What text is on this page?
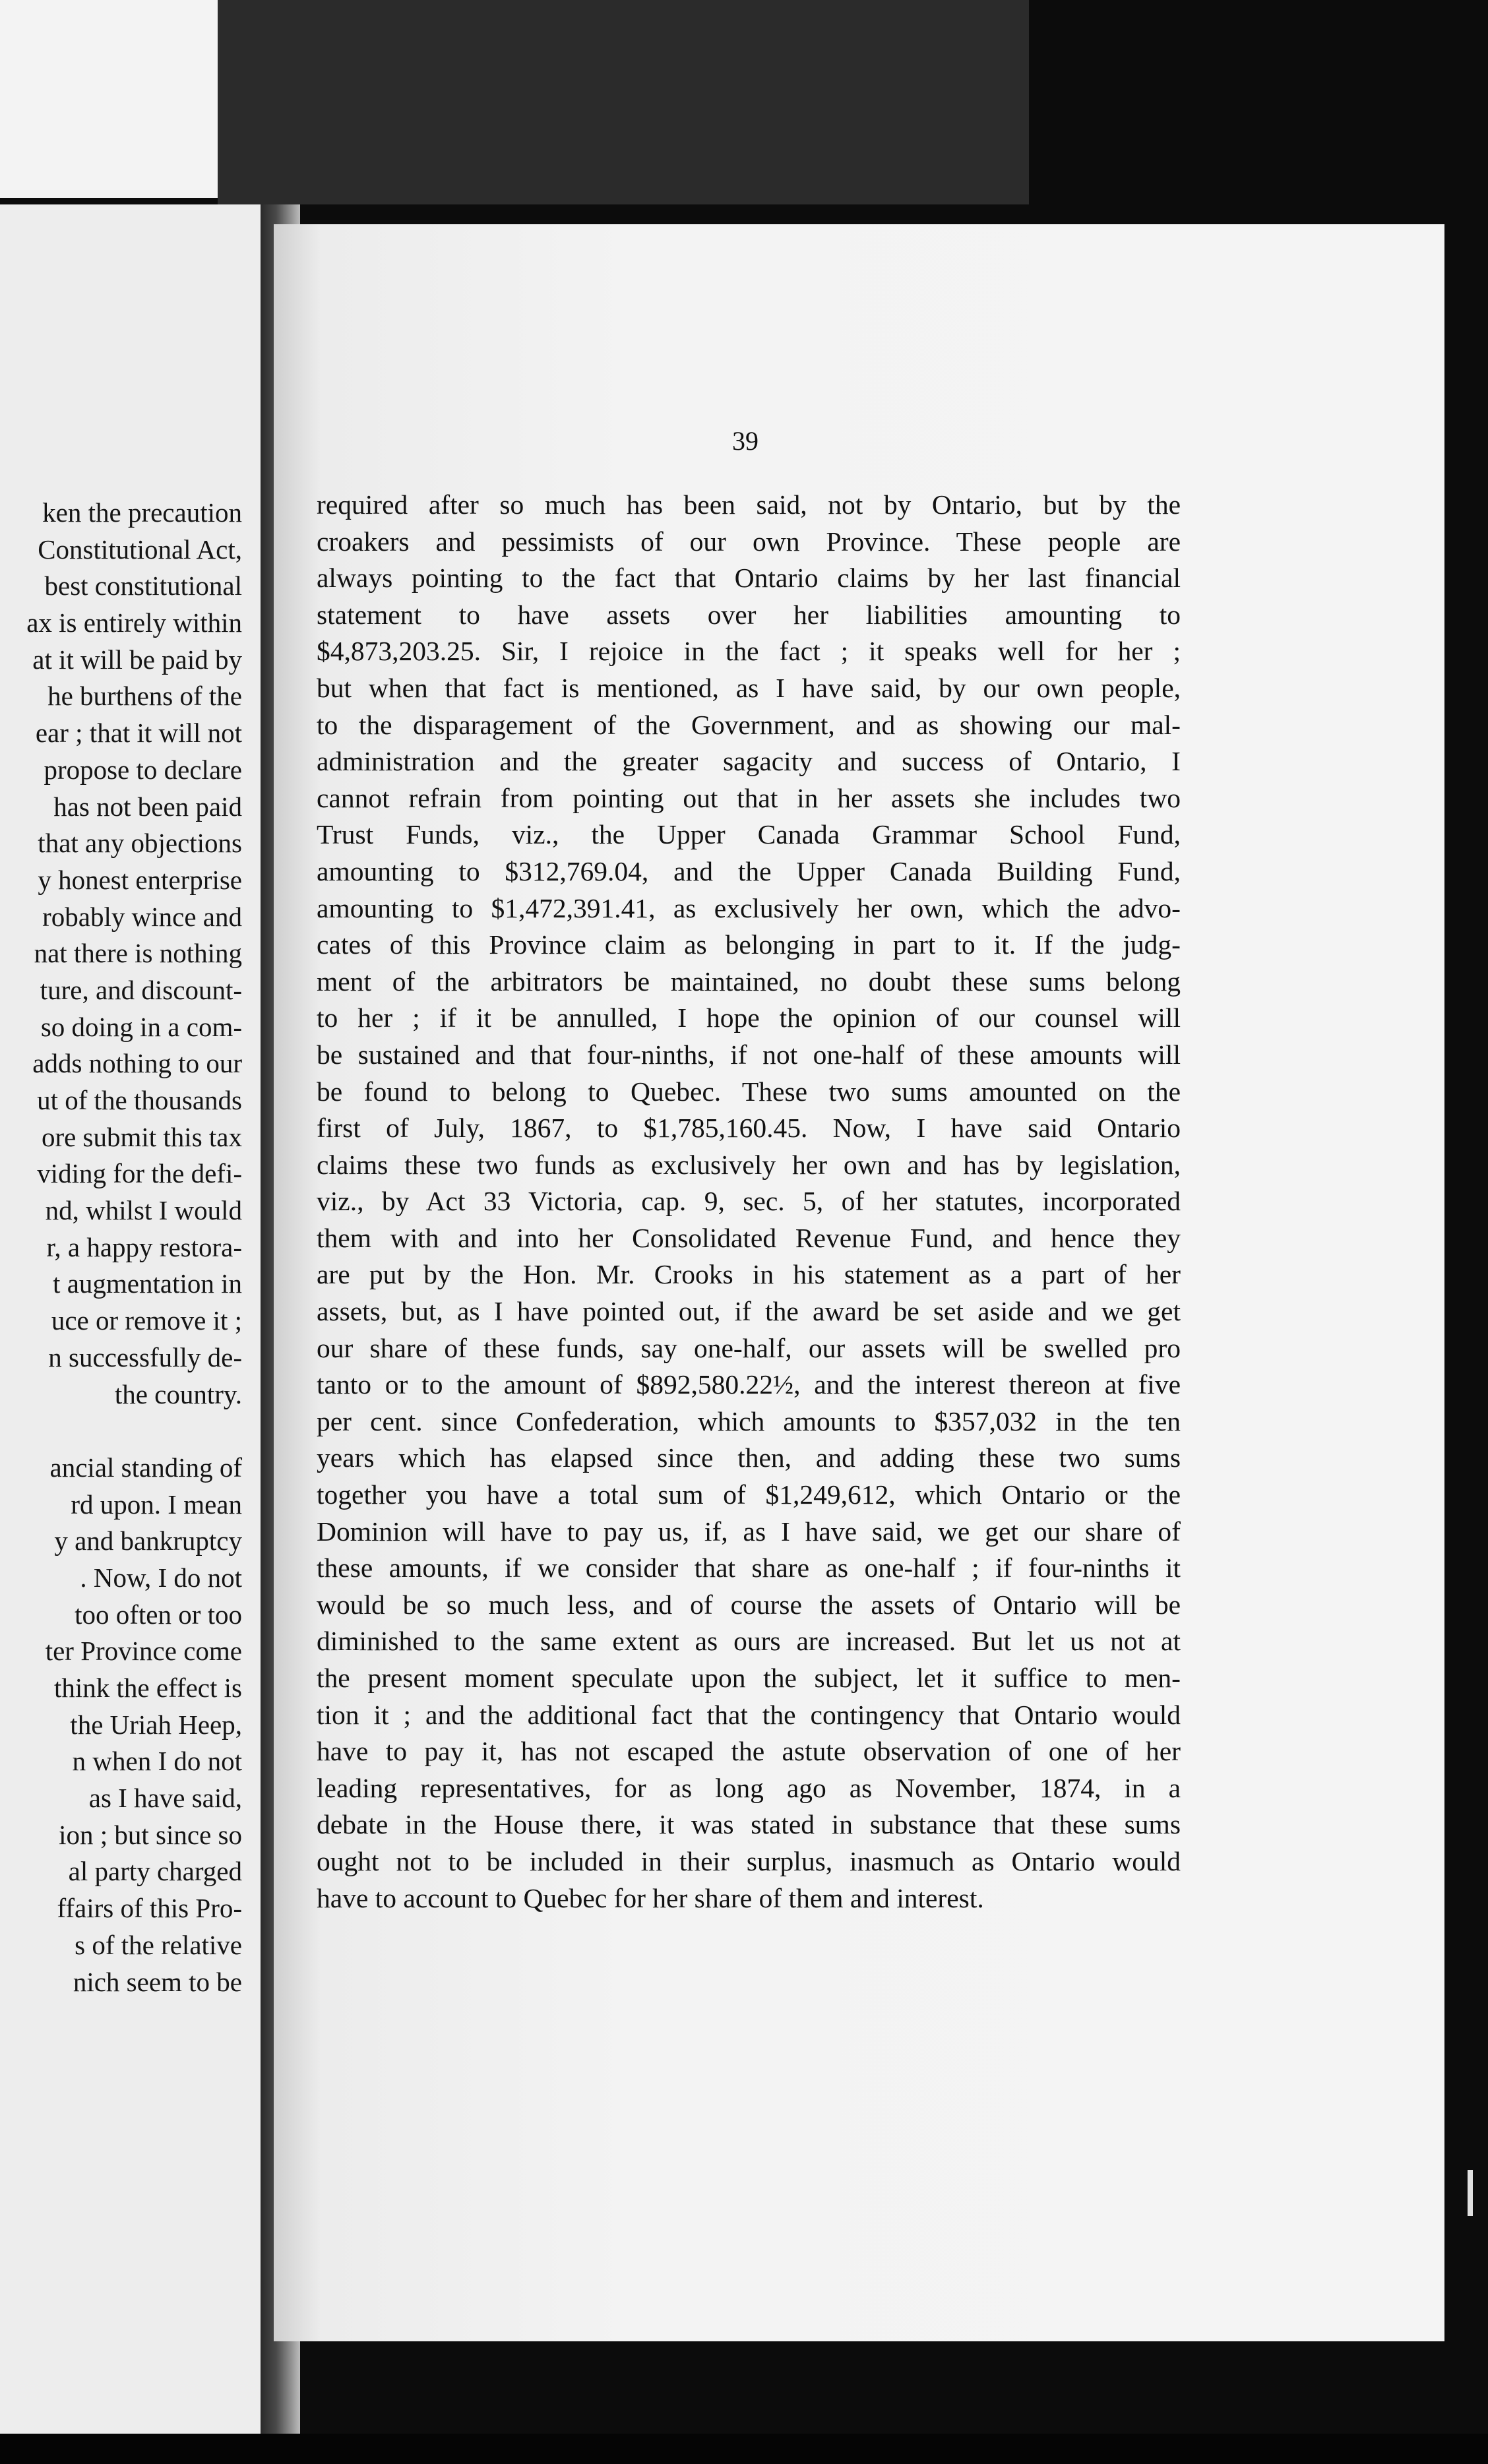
ken the precaution
Constitutional Act,
best constitutional
ax is entirely within
at it will be paid by
he burthens of the
ear ; that it will not
propose to declare
has not been paid
that any objections
y honest enterprise
robably wince and
nat there is nothing
ture, and discount-
so doing in a com-
adds nothing to our
ut of the thousands
ore submit this tax
viding for the defi-
nd, whilst I would
r, a happy restora-
t augmentation in
uce or remove it ;
n successfully de-
the country.
ancial standing of
rd upon. I mean
y and bankruptcy
. Now, I do not
too often or too
ter Province come
think the effect is
the Uriah Heep,
n when I do not
as I have said,
ion ; but since so
al party charged
ffairs of this Pro-
s of the relative
nich seem to be
39
required after so much has been said, not by Ontario, but by the
croakers and pessimists of our own Province. These people are
always pointing to the fact that Ontario claims by her last financial
statement to have assets over her liabilities amounting to
$4,873,203.25. Sir, I rejoice in the fact ; it speaks well for her ;
but when that fact is mentioned, as I have said, by our own people,
to the disparagement of the Government, and as showing our mal-
administration and the greater sagacity and success of Ontario, I
cannot refrain from pointing out that in her assets she includes two
Trust Funds, viz., the Upper Canada Grammar School Fund,
amounting to $312,769.04, and the Upper Canada Building Fund,
amounting to $1,472,391.41, as exclusively her own, which the advo-
cates of this Province claim as belonging in part to it. If the judg-
ment of the arbitrators be maintained, no doubt these sums belong
to her ; if it be annulled, I hope the opinion of our counsel will
be sustained and that four-ninths, if not one-half of these amounts will
be found to belong to Quebec. These two sums amounted on the
first of July, 1867, to $1,785,160.45. Now, I have said Ontario
claims these two funds as exclusively her own and has by legislation,
viz., by Act 33 Victoria, cap. 9, sec. 5, of her statutes, incorporated
them with and into her Consolidated Revenue Fund, and hence they
are put by the Hon. Mr. Crooks in his statement as a part of her
assets, but, as I have pointed out, if the award be set aside and we get
our share of these funds, say one-half, our assets will be swelled pro
tanto or to the amount of $892,580.22½, and the interest thereon at five
per cent. since Confederation, which amounts to $357,032 in the ten
years which has elapsed since then, and adding these two sums
together you have a total sum of $1,249,612, which Ontario or the
Dominion will have to pay us, if, as I have said, we get our share of
these amounts, if we consider that share as one-half ; if four-ninths it
would be so much less, and of course the assets of Ontario will be
diminished to the same extent as ours are increased. But let us not at
the present moment speculate upon the subject, let it suffice to men-
tion it ; and the additional fact that the contingency that Ontario would
have to pay it, has not escaped the astute observation of one of her
leading representatives, for as long ago as November, 1874, in a
debate in the House there, it was stated in substance that these sums
ought not to be included in their surplus, inasmuch as Ontario would
have to account to Quebec for her share of them and interest.
